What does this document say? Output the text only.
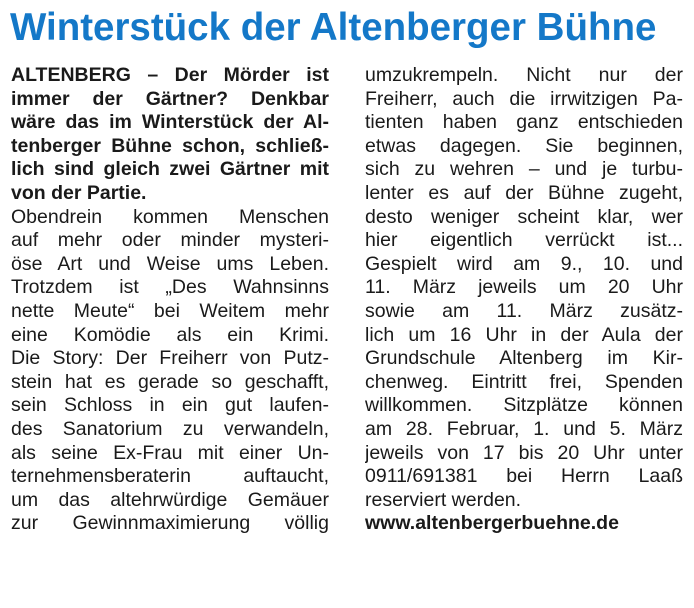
Winterstück der Altenberger Bühne
ALTENBERG – Der Mörder ist
immer der Gärtner? Denkbar
wäre das im Winterstück der Al-
tenberger Bühne schon, schließ-
lich sind gleich zwei Gärtner mit
von der Partie.
Obendrein kommen Menschen
auf mehr oder minder mysteri-
öse Art und Weise ums Leben.
Trotzdem ist „Des Wahnsinns
nette Meute“ bei Weitem mehr
eine Komödie als ein Krimi.
Die Story: Der Freiherr von Putz-
stein hat es gerade so geschafft,
sein Schloss in ein gut laufen-
des Sanatorium zu verwandeln,
als seine Ex-Frau mit einer Un-
ternehmensberaterin auftaucht,
um das altehrwürdige Gemäuer
zur Gewinnmaximierung völlig
umzukrempeln. Nicht nur der
Freiherr, auch die irrwitzigen Pa-
tienten haben ganz entschieden
etwas dagegen. Sie beginnen,
sich zu wehren – und je turbu-
lenter es auf der Bühne zugeht,
desto weniger scheint klar, wer
hier eigentlich verrückt ist...
Gespielt wird am 9., 10. und
11. März jeweils um 20 Uhr
sowie am 11. März zusätz-
lich um 16 Uhr in der Aula der
Grundschule Altenberg im Kir-
chenweg. Eintritt frei, Spenden
willkommen. Sitzplätze können
am 28. Februar, 1. und 5. März
jeweils von 17 bis 20 Uhr unter
0911/691381 bei Herrn Laaß
reserviert werden.
www.altenbergerbuehne.de
